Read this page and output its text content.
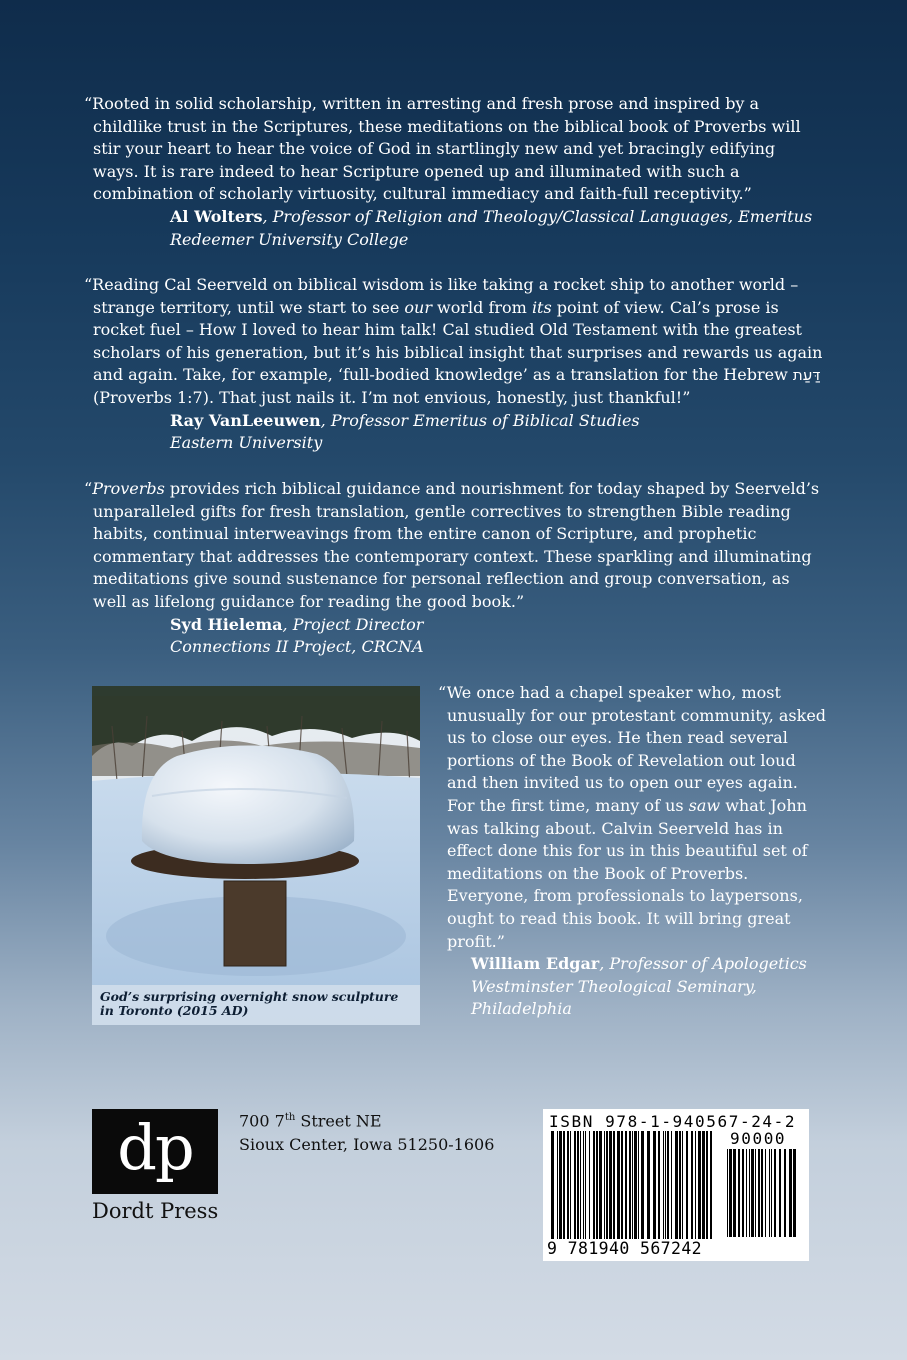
“Rooted in solid scholarship, written in arresting and fresh prose and inspired by a childlike trust in the Scriptures, these meditations on the biblical book of Proverbs will stir your heart to hear the voice of God in startlingly new and yet bracingly edifying ways. It is rare indeed to hear Scripture opened up and illuminated with such a combination of scholarly virtuosity, cultural immediacy and faith-full receptivity.”
Al Wolters, Professor of Religion and Theology/Classical Languages, Emeritus
Redeemer University College
“Reading Cal Seerveld on biblical wisdom is like taking a rocket ship to another world – strange territory, until we start to see our world from its point of view. Cal’s prose is rocket fuel – How I loved to hear him talk! Cal studied Old Testament with the greatest scholars of his generation, but it’s his biblical insight that surprises and rewards us again and again. Take, for example, ‘full-bodied knowledge’ as a translation for the Hebrew דַּעַת (Proverbs 1:7). That just nails it. I’m not envious, honestly, just thankful!”
Ray VanLeeuwen, Professor Emeritus of Biblical Studies
Eastern University
“Proverbs provides rich biblical guidance and nourishment for today shaped by Seerveld’s unparalleled gifts for fresh translation, gentle correctives to strengthen Bible reading habits, continual interweavings from the entire canon of Scripture, and prophetic commentary that addresses the contemporary context. These sparkling and illuminating meditations give sound sustenance for personal reflection and group conversation, as well as lifelong guidance for reading the good book.”
Syd Hielema, Project Director
Connections II Project, CRCNA
God’s surprising overnight snow sculpture in Toronto (2015 AD)
“We once had a chapel speaker who, most unusually for our protestant community, asked us to close our eyes. He then read several portions of the Book of Revelation out loud and then invited us to open our eyes again. For the first time, many of us saw what John was talking about. Calvin Seerveld has in effect done this for us in this beautiful set of meditations on the Book of Proverbs. Everyone, from professionals to laypersons, ought to read this book. It will bring great profit.”
William Edgar, Professor of Apologetics
Westminster Theological Seminary,
Philadelphia
dp
Dordt Press
700 7th Street NE
Sioux Center, Iowa 51250-1606
ISBN 978-1-940567-24-2
90000
9 781940 567242
